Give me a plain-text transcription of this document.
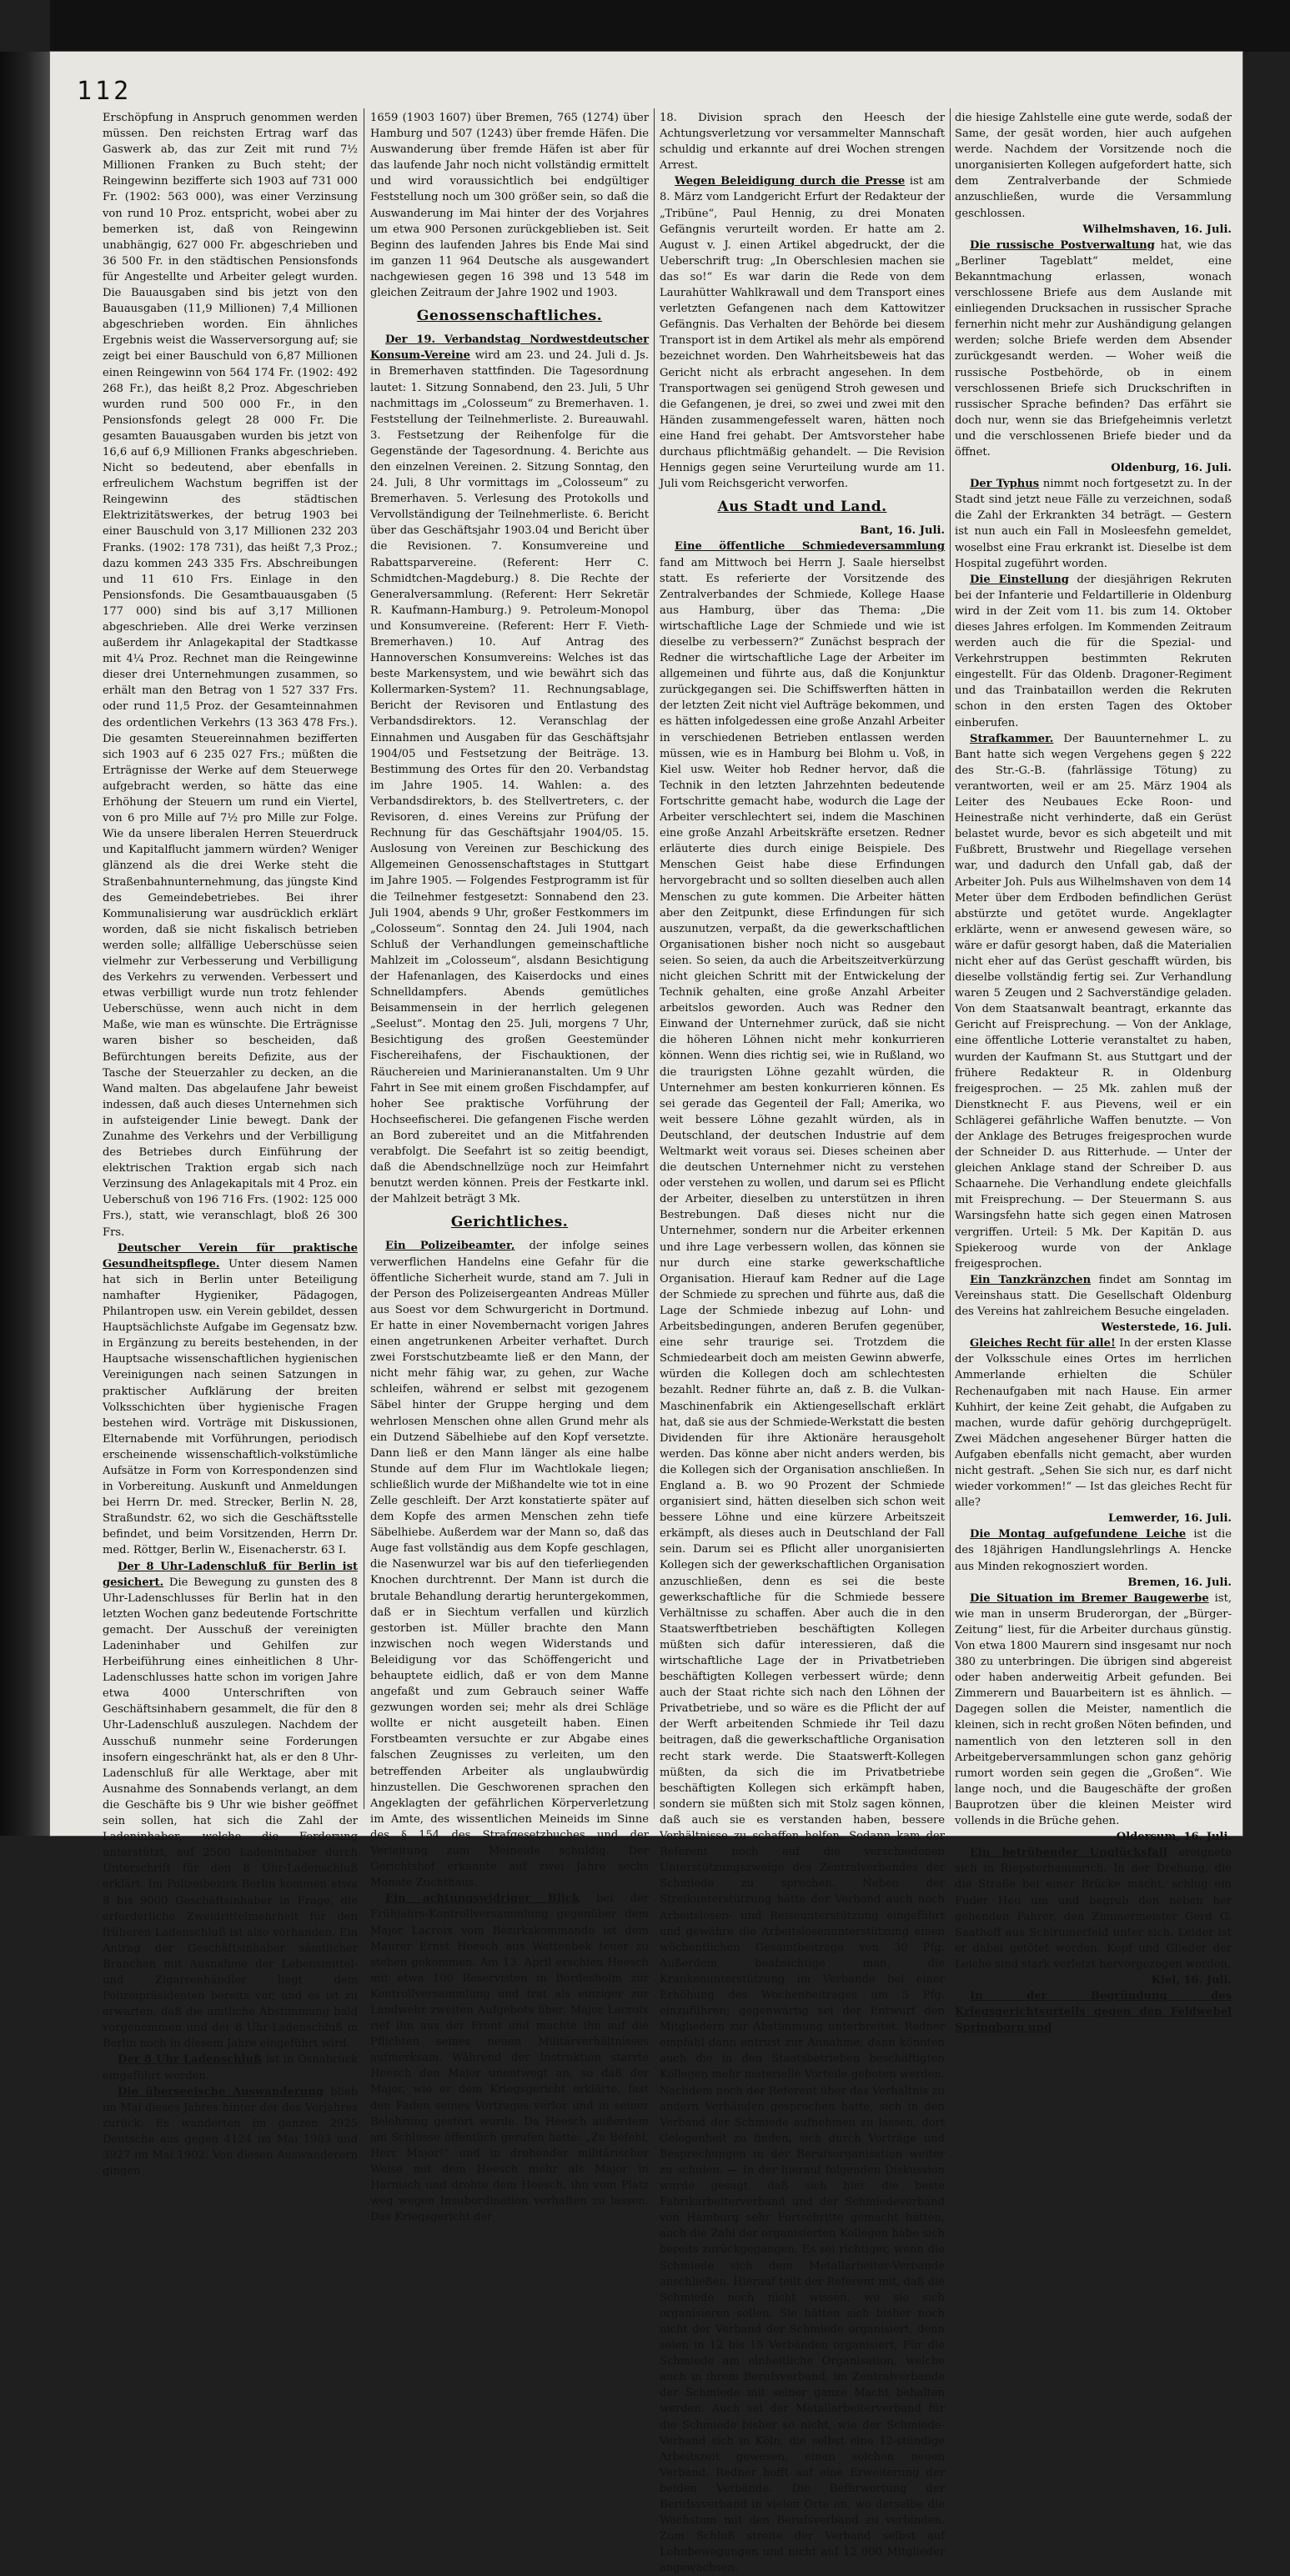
112

Erschöpfung in Anspruch genommen werden müssen. Den reichsten Ertrag warf das Gaswerk ab, das zur Zeit mit rund 7½ Millionen Franken zu Buch steht; der Reingewinn bezifferte sich 1903 auf 731 000 Fr. (1902: 563 000), was einer Verzinsung von rund 10 Proz. entspricht, wobei aber zu bemerken ist, daß von Reingewinn unabhängig, 627 000 Fr. abgeschrieben und 36 500 Fr. in den städtischen Pensionsfonds für Angestellte und Arbeiter gelegt wurden. Die Bauausgaben sind bis jetzt von den Bauausgaben (11,9 Millionen) 7,4 Millionen abgeschrieben worden. Ein ähnliches Ergebnis weist die Wasserversorgung auf; sie zeigt bei einer Bauschuld von 6,87 Millionen einen Reingewinn von 564 174 Fr. (1902: 492 268 Fr.), das heißt 8,2 Proz. Abgeschrieben wurden rund 500 000 Fr., in den Pensionsfonds gelegt 28 000 Fr. Die gesamten Bauausgaben wurden bis jetzt von 16,6 auf 6,9 Millionen Franks abgeschrieben. Nicht so bedeutend, aber ebenfalls in erfreulichem Wachstum begriffen ist der Reingewinn des städtischen Elektrizitätswerkes, der betrug 1903 bei einer Bauschuld von 3,17 Millionen 232 203 Franks. (1902: 178 731), das heißt 7,3 Proz.; dazu kommen 243 335 Frs. Abschreibungen und 11 610 Frs. Einlage in den Pensionsfonds. Die Gesamtbauausgaben (5 177 000) sind bis auf 3,17 Millionen abgeschrieben. Alle drei Werke verzinsen außerdem ihr Anlagekapital der Stadtkasse mit 4¼ Proz. Rechnet man die Reingewinne dieser drei Unternehmungen zusammen, so erhält man den Betrag von 1 527 337 Frs. oder rund 11,5 Proz. der Gesamteinnahmen des ordentlichen Verkehrs (13 363 478 Frs.). Die gesamten Steuereinnahmen bezifferten sich 1903 auf 6 235 027 Frs.; müßten die Erträgnisse der Werke auf dem Steuerwege aufgebracht werden, so hätte das eine Erhöhung der Steuern um rund ein Viertel, von 6 pro Mille auf 7½ pro Mille zur Folge. Wie da unsere liberalen Herren Steuerdruck und Kapitalflucht jammern würden? Weniger glänzend als die drei Werke steht die Straßenbahnunternehmung, das jüngste Kind des Gemeindebetriebes. Bei ihrer Kommunalisierung war ausdrücklich erklärt worden, daß sie nicht fiskalisch betrieben werden solle; allfällige Ueberschüsse seien vielmehr zur Verbesserung und Verbilligung des Verkehrs zu verwenden. Verbessert und etwas verbilligt wurde nun trotz fehlender Ueberschüsse, wenn auch nicht in dem Maße, wie man es wünschte. Die Erträgnisse waren bisher so bescheiden, daß Befürchtungen bereits Defizite, aus der Tasche der Steuerzahler zu decken, an die Wand malten. Das abgelaufene Jahr beweist indessen, daß auch dieses Unternehmen sich in aufsteigender Linie bewegt. Dank der Zunahme des Verkehrs und der Verbilligung des Betriebes durch Einführung der elektrischen Traktion ergab sich nach Verzinsung des Anlagekapitals mit 4 Proz. ein Ueberschuß von 196 716 Frs. (1902: 125 000 Frs.), statt, wie veranschlagt, bloß 26 300 Frs.

Deutscher Verein für praktische Gesundheitspflege. Unter diesem Namen hat sich in Berlin unter Beteiligung namhafter Hygieniker, Pädagogen, Philantropen usw. ein Verein gebildet, dessen Hauptsächlichste Aufgabe im Gegensatz bzw. in Ergänzung zu bereits bestehenden, in der Hauptsache wissenschaftlichen hygienischen Vereinigungen nach seinen Satzungen in praktischer Aufklärung der breiten Volksschichten über hygienische Fragen bestehen wird. Vorträge mit Diskussionen, Elternabende mit Vorführungen, periodisch erscheinende wissenschaftlich-volkstümliche Aufsätze in Form von Korrespondenzen sind in Vorbereitung. Auskunft und Anmeldungen bei Herrn Dr. med. Strecker, Berlin N. 28, Straßundstr. 62, wo sich die Geschäftsstelle befindet, und beim Vorsitzenden, Herrn Dr. med. Röttger, Berlin W., Eisenacherstr. 63 I.

Der 8 Uhr-Ladenschluß für Berlin ist gesichert. Die Bewegung zu gunsten des 8 Uhr-Ladenschlusses für Berlin hat in den letzten Wochen ganz bedeutende Fortschritte gemacht. Der Ausschuß der vereinigten Ladeninhaber und Gehilfen zur Herbeiführung eines einheitlichen 8 Uhr-Ladenschlusses hatte schon im vorigen Jahre etwa 4000 Unterschriften von Geschäftsinhabern gesammelt, die für den 8 Uhr-Ladenschluß auszulegen. Nachdem der Ausschuß nunmehr seine Forderungen insofern eingeschränkt hat, als er den 8 Uhr-Ladenschluß für alle Werktage, aber mit Ausnahme des Sonnabends verlangt, an dem die Geschäfte bis 9 Uhr wie bisher geöffnet sein sollen, hat sich die Zahl der Ladeninhaber, welche die Forderung unterstützt, auf 2500 Ladeninhaber durch Unterschrift für den 8 Uhr-Ladenschluß erklärt. Im Polizeibezirk Berlin kommen etwa 8 bis 9000 Geschäftsinhaber in Frage, die erforderliche Zweidrittelmehrheit für den früheren Ladenschluß ist also vorhanden. Ein Antrag der Geschäftsinhaber sämtlicher Branchen mit Ausnahme der Lebensmittel- und Zigarrenhändler liegt dem Polizeipräsidenten bereits vor, und es ist zu erwarten, daß die amtliche Abstimmung bald vorgenommen und der 8 Uhr-Ladenschluß in Berlin noch in diesem Jahre eingeführt wird.

Der 8 Uhr Ladenschluß ist in Osnabrück eingeführt worden.

Die überseeische Auswanderung blieb im Mai dieses Jahres hinter der des Vorjahres zurück. Es wanderten im ganzen 2925 Deutsche aus gegen 4124 im Mai 1903 und 3927 im Mai 1902. Von diesen Auswanderern gingen

1659 (1903 1607) über Bremen, 765 (1274) über Hamburg und 507 (1243) über fremde Häfen. Die Auswanderung über fremde Häfen ist aber für das laufende Jahr noch nicht vollständig ermittelt und wird voraussichtlich bei endgültiger Feststellung noch um 300 größer sein, so daß die Auswanderung im Mai hinter der des Vorjahres um etwa 900 Personen zurückgeblieben ist. Seit Beginn des laufenden Jahres bis Ende Mai sind im ganzen 11 964 Deutsche als ausgewandert nachgewiesen gegen 16 398 und 13 548 im gleichen Zeitraum der Jahre 1902 und 1903.

Genossenschaftliches.

Der 19. Verbandstag Nordwestdeutscher Konsum-Vereine wird am 23. und 24. Juli d. Js. in Bremerhaven stattfinden. Die Tagesordnung lautet: 1. Sitzung Sonnabend, den 23. Juli, 5 Uhr nachmittags im „Colosseum“ zu Bremerhaven. 1. Feststellung der Teilnehmerliste. 2. Bureauwahl. 3. Festsetzung der Reihenfolge für die Gegenstände der Tagesordnung. 4. Berichte aus den einzelnen Vereinen. 2. Sitzung Sonntag, den 24. Juli, 8 Uhr vormittags im „Colosseum“ zu Bremerhaven. 5. Verlesung des Protokolls und Vervollständigung der Teilnehmerliste. 6. Bericht über das Geschäftsjahr 1903.04 und Bericht über die Revisionen. 7. Konsumvereine und Rabattsparvereine. (Referent: Herr C. Schmidtchen-Magdeburg.) 8. Die Rechte der Generalversammlung. (Referent: Herr Sekretär R. Kaufmann-Hamburg.) 9. Petroleum-Monopol und Konsumvereine. (Referent: Herr F. Vieth-Bremerhaven.) 10. Auf Antrag des Hannoverschen Konsumvereins: Welches ist das beste Markensystem, und wie bewährt sich das Kollermarken-System? 11. Rechnungsablage, Bericht der Revisoren und Entlastung des Verbandsdirektors. 12. Veranschlag der Einnahmen und Ausgaben für das Geschäftsjahr 1904/05 und Festsetzung der Beiträge. 13. Bestimmung des Ortes für den 20. Verbandstag im Jahre 1905. 14. Wahlen: a. des Verbandsdirektors, b. des Stellvertreters, c. der Revisoren, d. eines Vereins zur Prüfung der Rechnung für das Geschäftsjahr 1904/05. 15. Auslosung von Vereinen zur Beschickung des Allgemeinen Genossenschaftstages in Stuttgart im Jahre 1905. — Folgendes Festprogramm ist für die Teilnehmer festgesetzt: Sonnabend den 23. Juli 1904, abends 9 Uhr, großer Festkommers im „Colosseum“. Sonntag den 24. Juli 1904, nach Schluß der Verhandlungen gemeinschaftliche Mahlzeit im „Colosseum“, alsdann Besichtigung der Hafenanlagen, des Kaiserdocks und eines Schnelldampfers. Abends gemütliches Beisammensein in der herrlich gelegenen „Seelust“. Montag den 25. Juli, morgens 7 Uhr, Besichtigung des großen Geestemünder Fischereihafens, der Fischauktionen, der Räuchereien und Marinierananstalten. Um 9 Uhr Fahrt in See mit einem großen Fischdampfer, auf hoher See praktische Vorführung der Hochseefischerei. Die gefangenen Fische werden an Bord zubereitet und an die Mitfahrenden verabfolgt. Die Seefahrt ist so zeitig beendigt, daß die Abendschnellzüge noch zur Heimfahrt benutzt werden können. Preis der Festkarte inkl. der Mahlzeit beträgt 3 Mk.

Gerichtliches.

Ein Polizeibeamter, der infolge seines verwerflichen Handelns eine Gefahr für die öffentliche Sicherheit wurde, stand am 7. Juli in der Person des Polizeisergeanten Andreas Müller aus Soest vor dem Schwurgericht in Dortmund. Er hatte in einer Novembernacht vorigen Jahres einen angetrunkenen Arbeiter verhaftet. Durch zwei Forstschutzbeamte ließ er den Mann, der nicht mehr fähig war, zu gehen, zur Wache schleifen, während er selbst mit gezogenem Säbel hinter der Gruppe herging und dem wehrlosen Menschen ohne allen Grund mehr als ein Dutzend Säbelhiebe auf den Kopf versetzte. Dann ließ er den Mann länger als eine halbe Stunde auf dem Flur im Wachtlokale liegen; schließlich wurde der Mißhandelte wie tot in eine Zelle geschleift. Der Arzt konstatierte später auf dem Kopfe des armen Menschen zehn tiefe Säbelhiebe. Außerdem war der Mann so, daß das Auge fast vollständig aus dem Kopfe geschlagen, die Nasenwurzel war bis auf den tieferliegenden Knochen durchtrennt. Der Mann ist durch die brutale Behandlung derartig heruntergekommen, daß er in Siechtum verfallen und kürzlich gestorben ist. Müller brachte den Mann inzwischen noch wegen Widerstands und Beleidigung vor das Schöffengericht und behauptete eidlich, daß er von dem Manne angefaßt und zum Gebrauch seiner Waffe gezwungen worden sei; mehr als drei Schläge wollte er nicht ausgeteilt haben. Einen Forstbeamten versuchte er zur Abgabe eines falschen Zeugnisses zu verleiten, um den betreffenden Arbeiter als unglaubwürdig hinzustellen. Die Geschworenen sprachen den Angeklagten der gefährlichen Körperverletzung im Amte, des wissentlichen Meineids im Sinne des § 154 des Strafgesetzbuches und der Verleitung zum Meineide schuldig. Der Gerichtshof erkannte auf zwei Jahre sechs Monate Zuchthaus.

Ein achtungswidriger Blick bei der Frühjahrs-Kontrollversammlung gegenüber dem Major Lacroix vom Bezirkskommando ist dem Maurer Ernst Heesch aus Wattenbek teuer zu stehen gekommen. Am 13. April erschien Heesch mit etwa 100 Reservisten in Bordesholm zur Kontrollversammlung und trat als einziger zur Landwehr zweiten Aufgebots über. Major Lacroix rief ihn aus der Front und machte ihn auf die Pflichten seines neuen Militärverhältnisses aufmerksam. Während der Instruktion starrte Heesch den Major unentwegt an, so daß der Major, wie er dem Kriegsgericht erklärte, fast den Faden seines Vortrages verlor und in seiner Belehrung gestört wurde. Da Heesch außerdem am Schlusse öffentlich gerufen hatte: „Zu Befehl, Herr Major!“ und in drohender militärischer Weise mit dem Heesch mehr als Major in Harnisch und drohte dem Heesch, ihn vom Platz weg wegen Insubordination verhaften zu lassen. Das Kriegsgericht der

18. Division sprach den Heesch der Achtungsverletzung vor versammelter Mannschaft schuldig und erkannte auf drei Wochen strengen Arrest.

Wegen Beleidigung durch die Presse ist am 8. März vom Landgericht Erfurt der Redakteur der „Tribüne“, Paul Hennig, zu drei Monaten Gefängnis verurteilt worden. Er hatte am 2. August v. J. einen Artikel abgedruckt, der die Ueberschrift trug: „In Oberschlesien machen sie das so!“ Es war darin die Rede von dem Laurahütter Wahlkrawall und dem Transport eines verletzten Gefangenen nach dem Kattowitzer Gefängnis. Das Verhalten der Behörde bei diesem Transport ist in dem Artikel als mehr als empörend bezeichnet worden. Den Wahrheitsbeweis hat das Gericht nicht als erbracht angesehen. In dem Transportwagen sei genügend Stroh gewesen und die Gefangenen, je drei, so zwei und zwei mit den Händen zusammengefesselt waren, hätten noch eine Hand frei gehabt. Der Amtsvorsteher habe durchaus pflichtmäßig gehandelt. — Die Revision Hennigs gegen seine Verurteilung wurde am 11. Juli vom Reichsgericht verworfen.

Aus Stadt und Land.

Bant, 16. Juli.

Eine öffentliche Schmiedeversammlung fand am Mittwoch bei Herrn J. Saale hierselbst statt. Es referierte der Vorsitzende des Zentralverbandes der Schmiede, Kollege Haase aus Hamburg, über das Thema: „Die wirtschaftliche Lage der Schmiede und wie ist dieselbe zu verbessern?“ Zunächst besprach der Redner die wirtschaftliche Lage der Arbeiter im allgemeinen und führte aus, daß die Konjunktur zurückgegangen sei. Die Schiffswerften hätten in der letzten Zeit nicht viel Aufträge bekommen, und es hätten infolgedessen eine große Anzahl Arbeiter in verschiedenen Betrieben entlassen werden müssen, wie es in Hamburg bei Blohm u. Voß, in Kiel usw. Weiter hob Redner hervor, daß die Technik in den letzten Jahrzehnten bedeutende Fortschritte gemacht habe, wodurch die Lage der Arbeiter verschlechtert sei, indem die Maschinen eine große Anzahl Arbeitskräfte ersetzen. Redner erläuterte dies durch einige Beispiele. Des Menschen Geist habe diese Erfindungen hervorgebracht und so sollten dieselben auch allen Menschen zu gute kommen. Die Arbeiter hätten aber den Zeitpunkt, diese Erfindungen für sich auszunutzen, verpaßt, da die gewerkschaftlichen Organisationen bisher noch nicht so ausgebaut seien. So seien, da auch die Arbeitszeitverkürzung nicht gleichen Schritt mit der Entwickelung der Technik gehalten, eine große Anzahl Arbeiter arbeitslos geworden. Auch was Redner den Einwand der Unternehmer zurück, daß sie nicht die höheren Löhnen nicht mehr konkurrieren können. Wenn dies richtig sei, wie in Rußland, wo die traurigsten Löhne gezahlt würden, die Unternehmer am besten konkurrieren können. Es sei gerade das Gegenteil der Fall; Amerika, wo weit bessere Löhne gezahlt würden, als in Deutschland, der deutschen Industrie auf dem Weltmarkt weit voraus sei. Dieses scheinen aber die deutschen Unternehmer nicht zu verstehen oder verstehen zu wollen, und darum sei es Pflicht der Arbeiter, dieselben zu unterstützen in ihren Bestrebungen. Daß dieses nicht nur die Unternehmer, sondern nur die Arbeiter erkennen und ihre Lage verbessern wollen, das können sie nur durch eine starke gewerkschaftliche Organisation. Hierauf kam Redner auf die Lage der Schmiede zu sprechen und führte aus, daß die Lage der Schmiede inbezug auf Lohn- und Arbeitsbedingungen, anderen Berufen gegenüber, eine sehr traurige sei. Trotzdem die Schmiedearbeit doch am meisten Gewinn abwerfe, würden die Kollegen doch am schlechtesten bezahlt. Redner führte an, daß z. B. die Vulkan-Maschinenfabrik ein Aktiengesellschaft erklärt hat, daß sie aus der Schmiede-Werkstatt die besten Dividenden für ihre Aktionäre herausgeholt werden. Das könne aber nicht anders werden, bis die Kollegen sich der Organisation anschließen. In England a. B. wo 90 Prozent der Schmiede organisiert sind, hätten dieselben sich schon weit bessere Löhne und eine kürzere Arbeitszeit erkämpft, als dieses auch in Deutschland der Fall sein. Darum sei es Pflicht aller unorganisierten Kollegen sich der gewerkschaftlichen Organisation anzuschließen, denn es sei die beste gewerkschaftliche für die Schmiede bessere Verhältnisse zu schaffen. Aber auch die in den Staatswerftbetrieben beschäftigten Kollegen müßten sich dafür interessieren, daß die wirtschaftliche Lage der in Privatbetrieben beschäftigten Kollegen verbessert würde; denn auch der Staat richte sich nach den Löhnen der Privatbetriebe, und so wäre es die Pflicht der auf der Werft arbeitenden Schmiede ihr Teil dazu beitragen, daß die gewerkschaftliche Organisation recht stark werde. Die Staatswerft-Kollegen müßten, da sich die im Privatbetriebe beschäftigten Kollegen sich erkämpft haben, sondern sie müßten sich mit Stolz sagen können, daß auch sie es verstanden haben, bessere Verhältnisse zu schaffen helfen. Sodann kam der Referent noch auf die verschiedenen Unterstützungszweige des Zentralverbandes der Schmiede zu sprechen. Neben der Streikunterstützung hätte der Verband auch noch Arbeitslosen- und Reiseunterstützung eingeführt und gewähre die Arbeitslosenunterstützung einen wöchentlichen Gesamtbeitrage von 30 Pfg. Außerdem beabsichtige man, die Krankenunterstützung im Verbande bei einer Erhöhung des Wochenbeitrages um 5 Pfg. einzuführen; gegenwärtig sei der Entwurf den Mitgliedern zur Abstimmung unterbreitet. Redner empfahl dann entrust zur Annahme; dann könnten auch die in den Staatsbetrieben beschäftigten Kollegen mehr materielle Vorteile geboten werden. Nachdem noch der Referent über das Verhältnis zu andern Verbänden gesprochen hatte, sich in den Verband der Schmiede aufnehmen zu lassen, dort Gelegenheit zu finden, sich durch Vorträge und Besprechungen in der Berufsorganisation weiter zu schulen. — In der hierauf folgenden Diskussion wurde gesagt, daß sich hier die beste Fabrikarbeiterverband und der Schmiedeverband von Hamburg sehr Fortschritte gemacht hätten, auch die Zahl der organisierten Kollegen habe sich bereits zurückgegangen. Es sei richtiger, wenn die Schmiede sich dem Metallarbeiter-Verbande anschließen. Hierauf teilt der Referent mit, daß die Schmiede noch nicht wissen, wo sie sich organisieren sollen. Sie hätten sich bisher noch nicht der Verband der Schmiede organisiert, denn seien in 12 bis 15 Verbänden organisiert, Für die Schmiede am einheitliche Organisation, welche auch in ihrem Berufsverband, im Zentralverbande der Schmiede mit seiner ganze Macht behalten werden. Auch sei der Metallarbeiterverband für die Schmiede bisher so nicht, wie der Schmiede-Verband sich in Köln, die selbst eine 12-stündige Arbeitszeit gewesen, einen solchen neuen Verband. Redner hofft auf eine Erweiterung der beiden Verbände. Die Befürwortung der Berufssverband in vielen Orte an, wo derselbe die Wachstum mit den Berufsverband zu verbinden. Zum Schluß streite der Verband selbst auf Lohnbewegungen und nicht auf 12 000 Mitglieder angewachsen.

die hiesige Zahlstelle eine gute werde, sodaß der Same, der gesät worden, hier auch aufgehen werde. Nachdem der Vorsitzende noch die unorganisierten Kollegen aufgefordert hatte, sich dem Zentralverbande der Schmiede anzuschließen, wurde die Versammlung geschlossen.

Wilhelmshaven, 16. Juli.

Die russische Postverwaltung hat, wie das „Berliner Tageblatt“ meldet, eine Bekanntmachung erlassen, wonach verschlossene Briefe aus dem Auslande mit einliegenden Drucksachen in russischer Sprache fernerhin nicht mehr zur Aushändigung gelangen werden; solche Briefe werden dem Absender zurückgesandt werden. — Woher weiß die russische Postbehörde, ob in einem verschlossenen Briefe sich Druckschriften in russischer Sprache befinden? Das erfährt sie doch nur, wenn sie das Briefgeheimnis verletzt und die verschlossenen Briefe bieder und da öffnet.

Oldenburg, 16. Juli.

Der Typhus nimmt noch fortgesetzt zu. In der Stadt sind jetzt neue Fälle zu verzeichnen, sodaß die Zahl der Erkrankten 34 beträgt. — Gestern ist nun auch ein Fall in Mosleesfehn gemeldet, woselbst eine Frau erkrankt ist. Dieselbe ist dem Hospital zugeführt worden.

Die Einstellung der diesjährigen Rekruten bei der Infanterie und Feldartillerie in Oldenburg wird in der Zeit vom 11. bis zum 14. Oktober dieses Jahres erfolgen. Im Kommenden Zeitraum werden auch die für die Spezial- und Verkehrstruppen bestimmten Rekruten eingestellt. Für das Oldenb. Dragoner-Regiment und das Trainbataillon werden die Rekruten schon in den ersten Tagen des Oktober einberufen.

Strafkammer. Der Bauunternehmer L. zu Bant hatte sich wegen Vergehens gegen § 222 des Str.-G.-B. (fahrlässige Tötung) zu verantworten, weil er am 25. März 1904 als Leiter des Neubaues Ecke Roon- und Heinestraße nicht verhinderte, daß ein Gerüst belastet wurde, bevor es sich abgeteilt und mit Fußbrett, Brustwehr und Riegellage versehen war, und dadurch den Unfall gab, daß der Arbeiter Joh. Puls aus Wilhelmshaven von dem 14 Meter über dem Erdboden befindlichen Gerüst abstürzte und getötet wurde. Angeklagter erklärte, wenn er anwesend gewesen wäre, so wäre er dafür gesorgt haben, daß die Materialien nicht eher auf das Gerüst geschafft würden, bis dieselbe vollständig fertig sei. Zur Verhandlung waren 5 Zeugen und 2 Sachverständige geladen. Von dem Staatsanwalt beantragt, erkannte das Gericht auf Freisprechung. — Von der Anklage, eine öffentliche Lotterie veranstaltet zu haben, wurden der Kaufmann St. aus Stuttgart und der frühere Redakteur R. in Oldenburg freigesprochen. — 25 Mk. zahlen muß der Dienstknecht F. aus Pievens, weil er ein Schlägerei gefährliche Waffen benutzte. — Von der Anklage des Betruges freigesprochen wurde der Schneider D. aus Ritterhude. — Unter der gleichen Anklage stand der Schreiber D. aus Schaarnehe. Die Verhandlung endete gleichfalls mit Freisprechung. — Der Steuermann S. aus Warsingsfehn hatte sich gegen einen Matrosen vergriffen. Urteil: 5 Mk. Der Kapitän D. aus Spiekeroog wurde von der Anklage freigesprochen.

Ein Tanzkränzchen findet am Sonntag im Vereinshaus statt. Die Gesellschaft Oldenburg des Vereins hat zahlreichem Besuche eingeladen.

Westerstede, 16. Juli.

Gleiches Recht für alle! In der ersten Klasse der Volksschule eines Ortes im herrlichen Ammerlande erhielten die Schüler Rechenaufgaben mit nach Hause. Ein armer Kuhhirt, der keine Zeit gehabt, die Aufgaben zu machen, wurde dafür gehörig durchgeprügelt. Zwei Mädchen angesehener Bürger hatten die Aufgaben ebenfalls nicht gemacht, aber wurden nicht gestraft. „Sehen Sie sich nur, es darf nicht wieder vorkommen!“ — Ist das gleiches Recht für alle?

Lemwerder, 16. Juli.

Die Montag aufgefundene Leiche ist die des 18jährigen Handlungslehrlings A. Hencke aus Minden rekognosziert worden.

Bremen, 16. Juli.

Die Situation im Bremer Baugewerbe ist, wie man in unserm Bruderorgan, der „Bürger-Zeitung“ liest, für die Arbeiter durchaus günstig. Von etwa 1800 Maurern sind insgesamt nur noch 380 zu unterbringen. Die übrigen sind abgereist oder haben anderweitig Arbeit gefunden. Bei Zimmerern und Bauarbeitern ist es ähnlich. — Dagegen sollen die Meister, namentlich die kleinen, sich in recht großen Nöten befinden, und namentlich von den letzteren soll in den Arbeitgeberversammlungen schon ganz gehörig rumort worden sein gegen die „Großen“. Wie lange noch, und die Baugeschäfte der großen Bauprotzen über die kleinen Meister wird vollends in die Brüche gehen.

Oldersum, 16. Juli.

Ein betrübender Unglücksfall ereignete sich in Riepsterhammrich. In der Drehung, die die Straße bei einer Brücke macht, schlug ein Fuder Heu um und begrub den neben her gehenden Fahrer, den Zimmermeister Gerd G. Saathoff aus Schirumerfeld unter sich. Leider ist er dabei getötet worden. Kopf und Glieder der Leiche sind stark verletzt hervorgezogen worden.

Kiel, 16. Juli.

In der Begründung des Kriegsgerichtsurteils gegen den Feldwebel Springborn und
